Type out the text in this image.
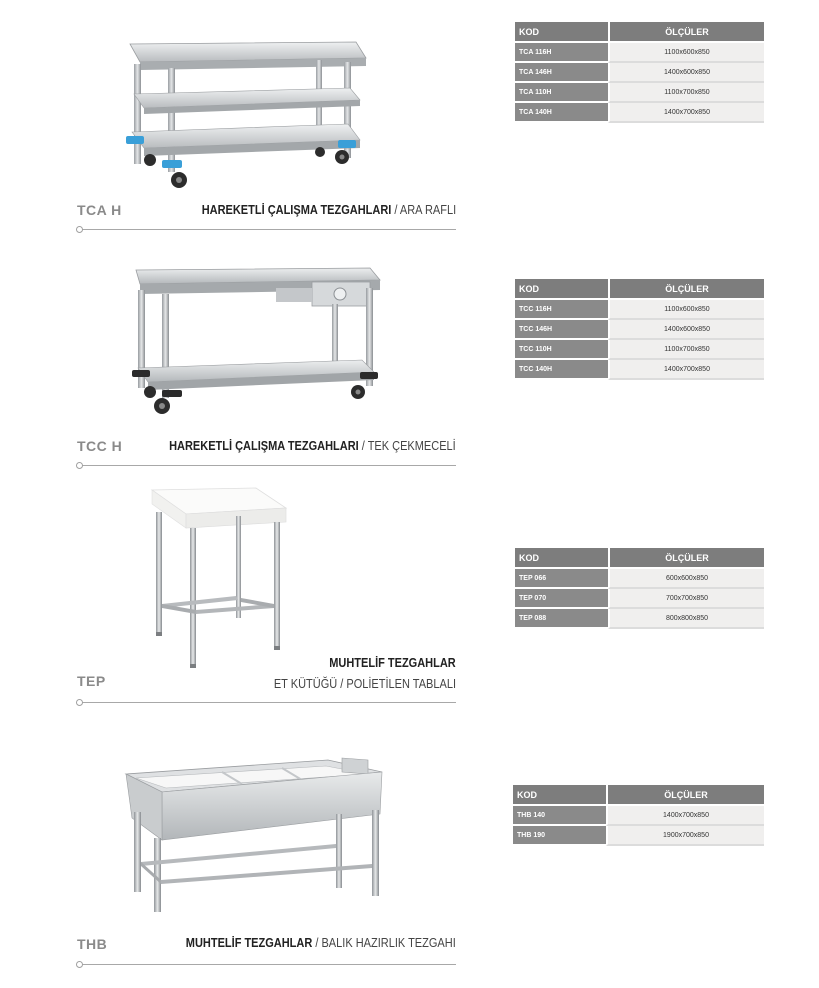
TCA H	HAREKETLİ ÇALIŞMA TEZGAHLARI / ARA RAFLI
KOD	ÖLÇÜLER
TCA 116H	1100x600x850
TCA 146H	1400x600x850
TCA 110H	1100x700x850
TCA 140H	1400x700x850
TCC H	HAREKETLİ ÇALIŞMA TEZGAHLARI / TEK ÇEKMECELİ
KOD	ÖLÇÜLER
TCC 116H	1100x600x850
TCC 146H	1400x600x850
TCC 110H	1100x700x850
TCC 140H	1400x700x850
MUHTELİF TEZGAHLAR
TEP	ET KÜTÜĞÜ / POLİETİLEN TABLALI
KOD	ÖLÇÜLER
TEP 066	600x600x850
TEP 070	700x700x850
TEP 088	800x800x850
THB	MUHTELİF TEZGAHLAR / BALIK HAZIRLIK TEZGAHI
KOD	ÖLÇÜLER
THB 140	1400x700x850
THB 190	1900x700x850
